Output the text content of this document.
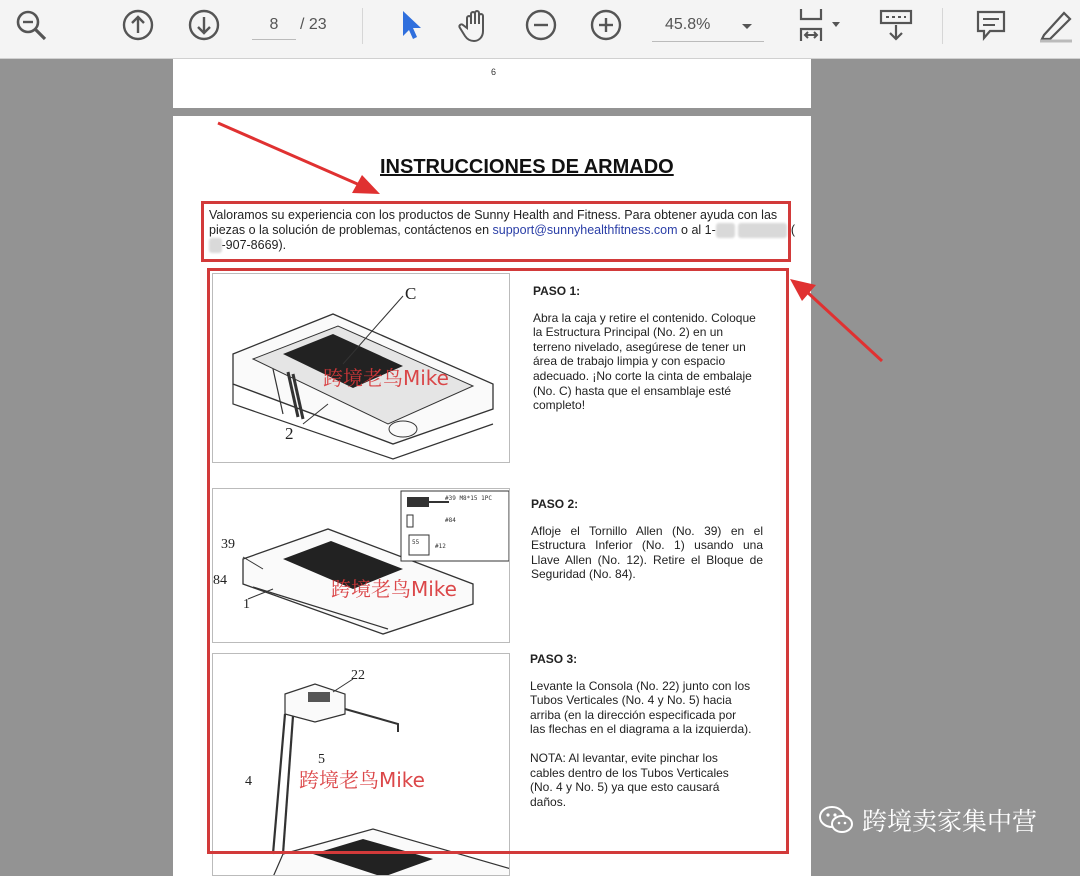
8	/ 23	45.8%
6
INSTRUCCIONES DE ARMADO
Valoramos su experiencia con los productos de Sunny Health and Fitness. Para obtener ayuda con las piezas o la solución de problemas, contáctenos en support@sunnyhealthfitness.com o al 1-	(-907-8669).
C
2
跨境老鸟Mike
PASO 1:

Abra la caja y retire el contenido. Coloque la Estructura Principal (No. 2) en un terreno nivelado, asegúrese de tener un área de trabajo limpia y con espacio adecuado. ¡No corte la cinta de embalaje (No. C) hasta que el ensamblaje esté completo!

#39 M8*15 1PC
#84
55
#12
39
84
1
跨境老鸟Mike
PASO 2:

Afloje el Tornillo Allen (No. 39) en el Estructura Inferior (No. 1) usando una Llave Allen (No. 12). Retire el Bloque de Seguridad (No. 84).

22
5
4 跨境老鸟Mike
PASO 3:

Levante la Consola (No. 22) junto con los Tubos Verticales (No. 4 y No. 5) hacia arriba (en la dirección especificada por las flechas en el diagrama a la izquierda).

NOTA: Al levantar, evite pinchar los cables dentro de los Tubos Verticales (No. 4 y No. 5) ya que esto causará daños.

跨境卖家集中营
